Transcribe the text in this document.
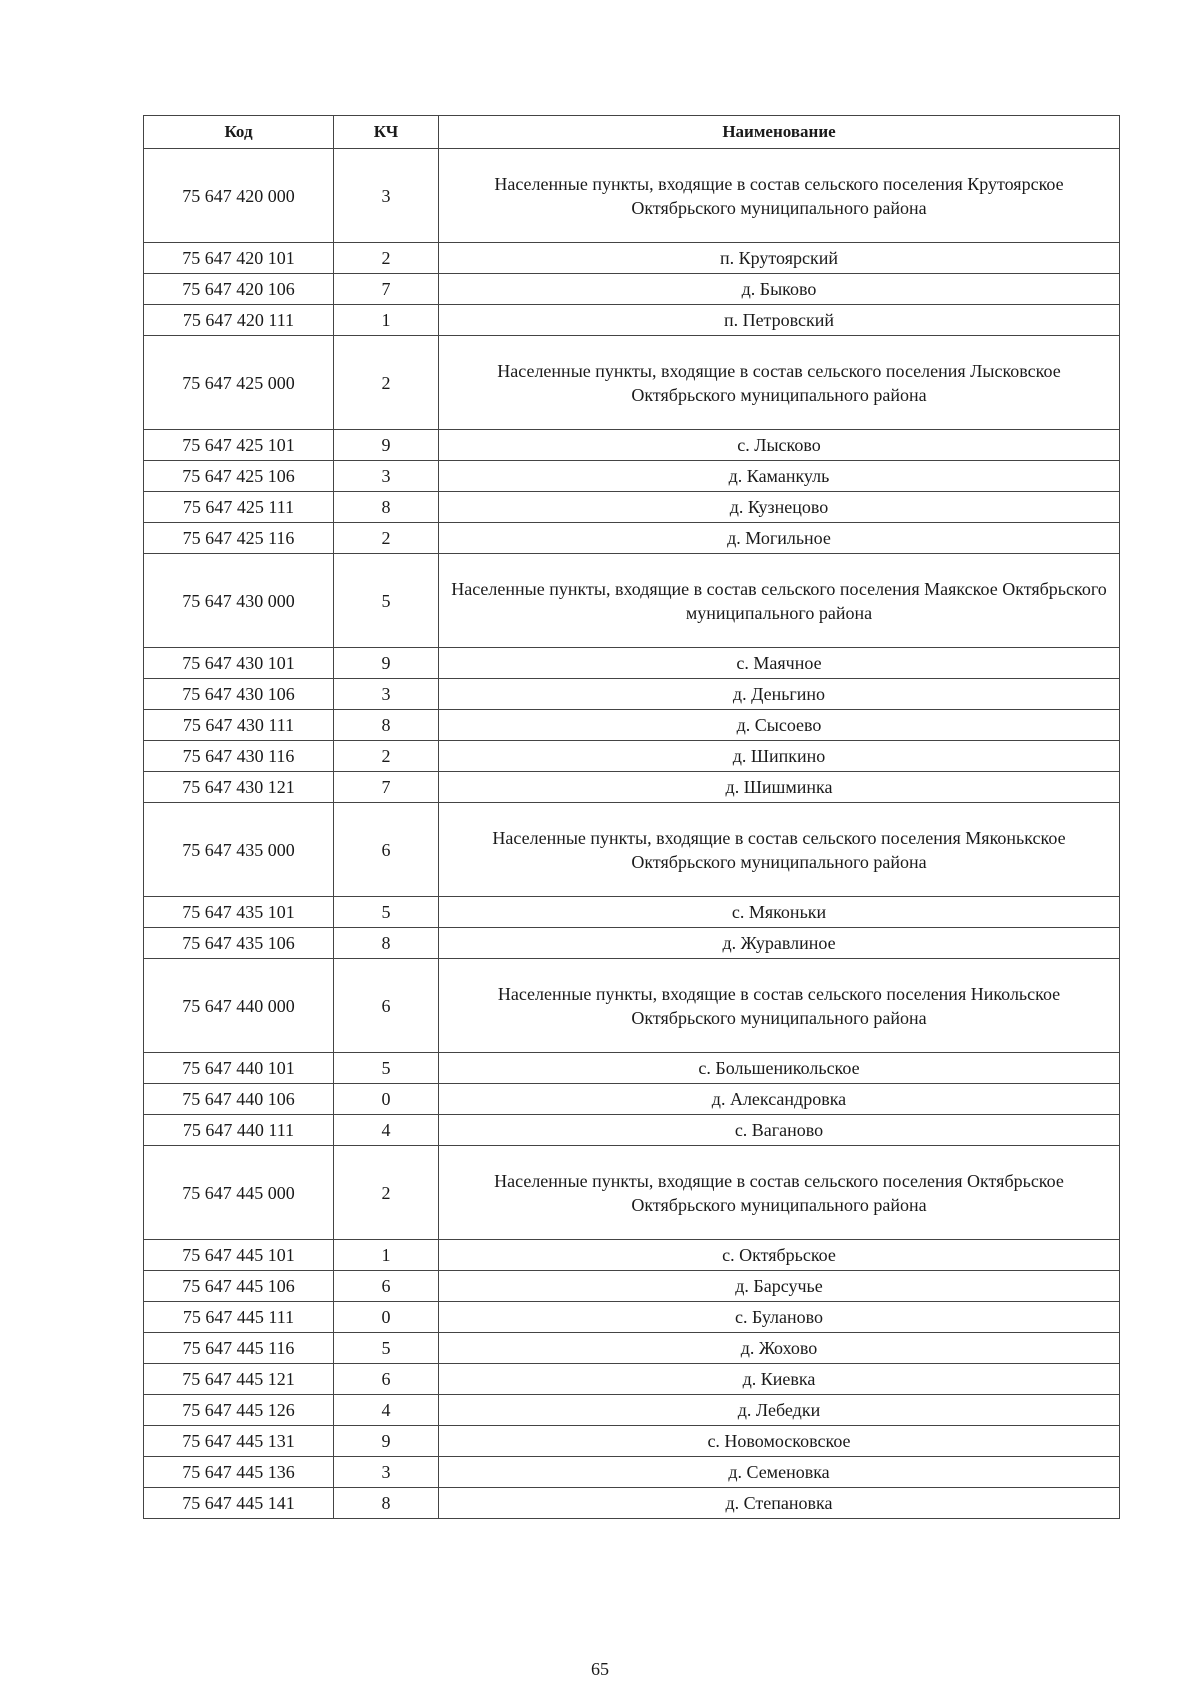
Код	КЧ	Наименование
75 647 420 000	3	Населенные пункты, входящие в состав сельского поселения Крутоярское Октябрьского муниципального района
75 647 420 101	2	п. Крутоярский
75 647 420 106	7	д. Быково
75 647 420 111	1	п. Петровский
75 647 425 000	2	Населенные пункты, входящие в состав сельского поселения Лысковское Октябрьского муниципального района
75 647 425 101	9	с. Лысково
75 647 425 106	3	д. Каманкуль
75 647 425 111	8	д. Кузнецово
75 647 425 116	2	д. Могильное
75 647 430 000	5	Населенные пункты, входящие в состав сельского поселения Маякское Октябрьского муниципального района
75 647 430 101	9	с. Маячное
75 647 430 106	3	д. Деньгино
75 647 430 111	8	д. Сысоево
75 647 430 116	2	д. Шипкино
75 647 430 121	7	д. Шишминка
75 647 435 000	6	Населенные пункты, входящие в состав сельского поселения Мяконькское Октябрьского муниципального района
75 647 435 101	5	с. Мяконьки
75 647 435 106	8	д. Журавлиное
75 647 440 000	6	Населенные пункты, входящие в состав сельского поселения Никольское Октябрьского муниципального района
75 647 440 101	5	с. Большеникольское
75 647 440 106	0	д. Александровка
75 647 440 111	4	с. Ваганово
75 647 445 000	2	Населенные пункты, входящие в состав сельского поселения Октябрьское Октябрьского муниципального района
75 647 445 101	1	с. Октябрьское
75 647 445 106	6	д. Барсучье
75 647 445 111	0	с. Буланово
75 647 445 116	5	д. Жохово
75 647 445 121	6	д. Киевка
75 647 445 126	4	д. Лебедки
75 647 445 131	9	с. Новомосковское
75 647 445 136	3	д. Семеновка
75 647 445 141	8	д. Степановка
65
